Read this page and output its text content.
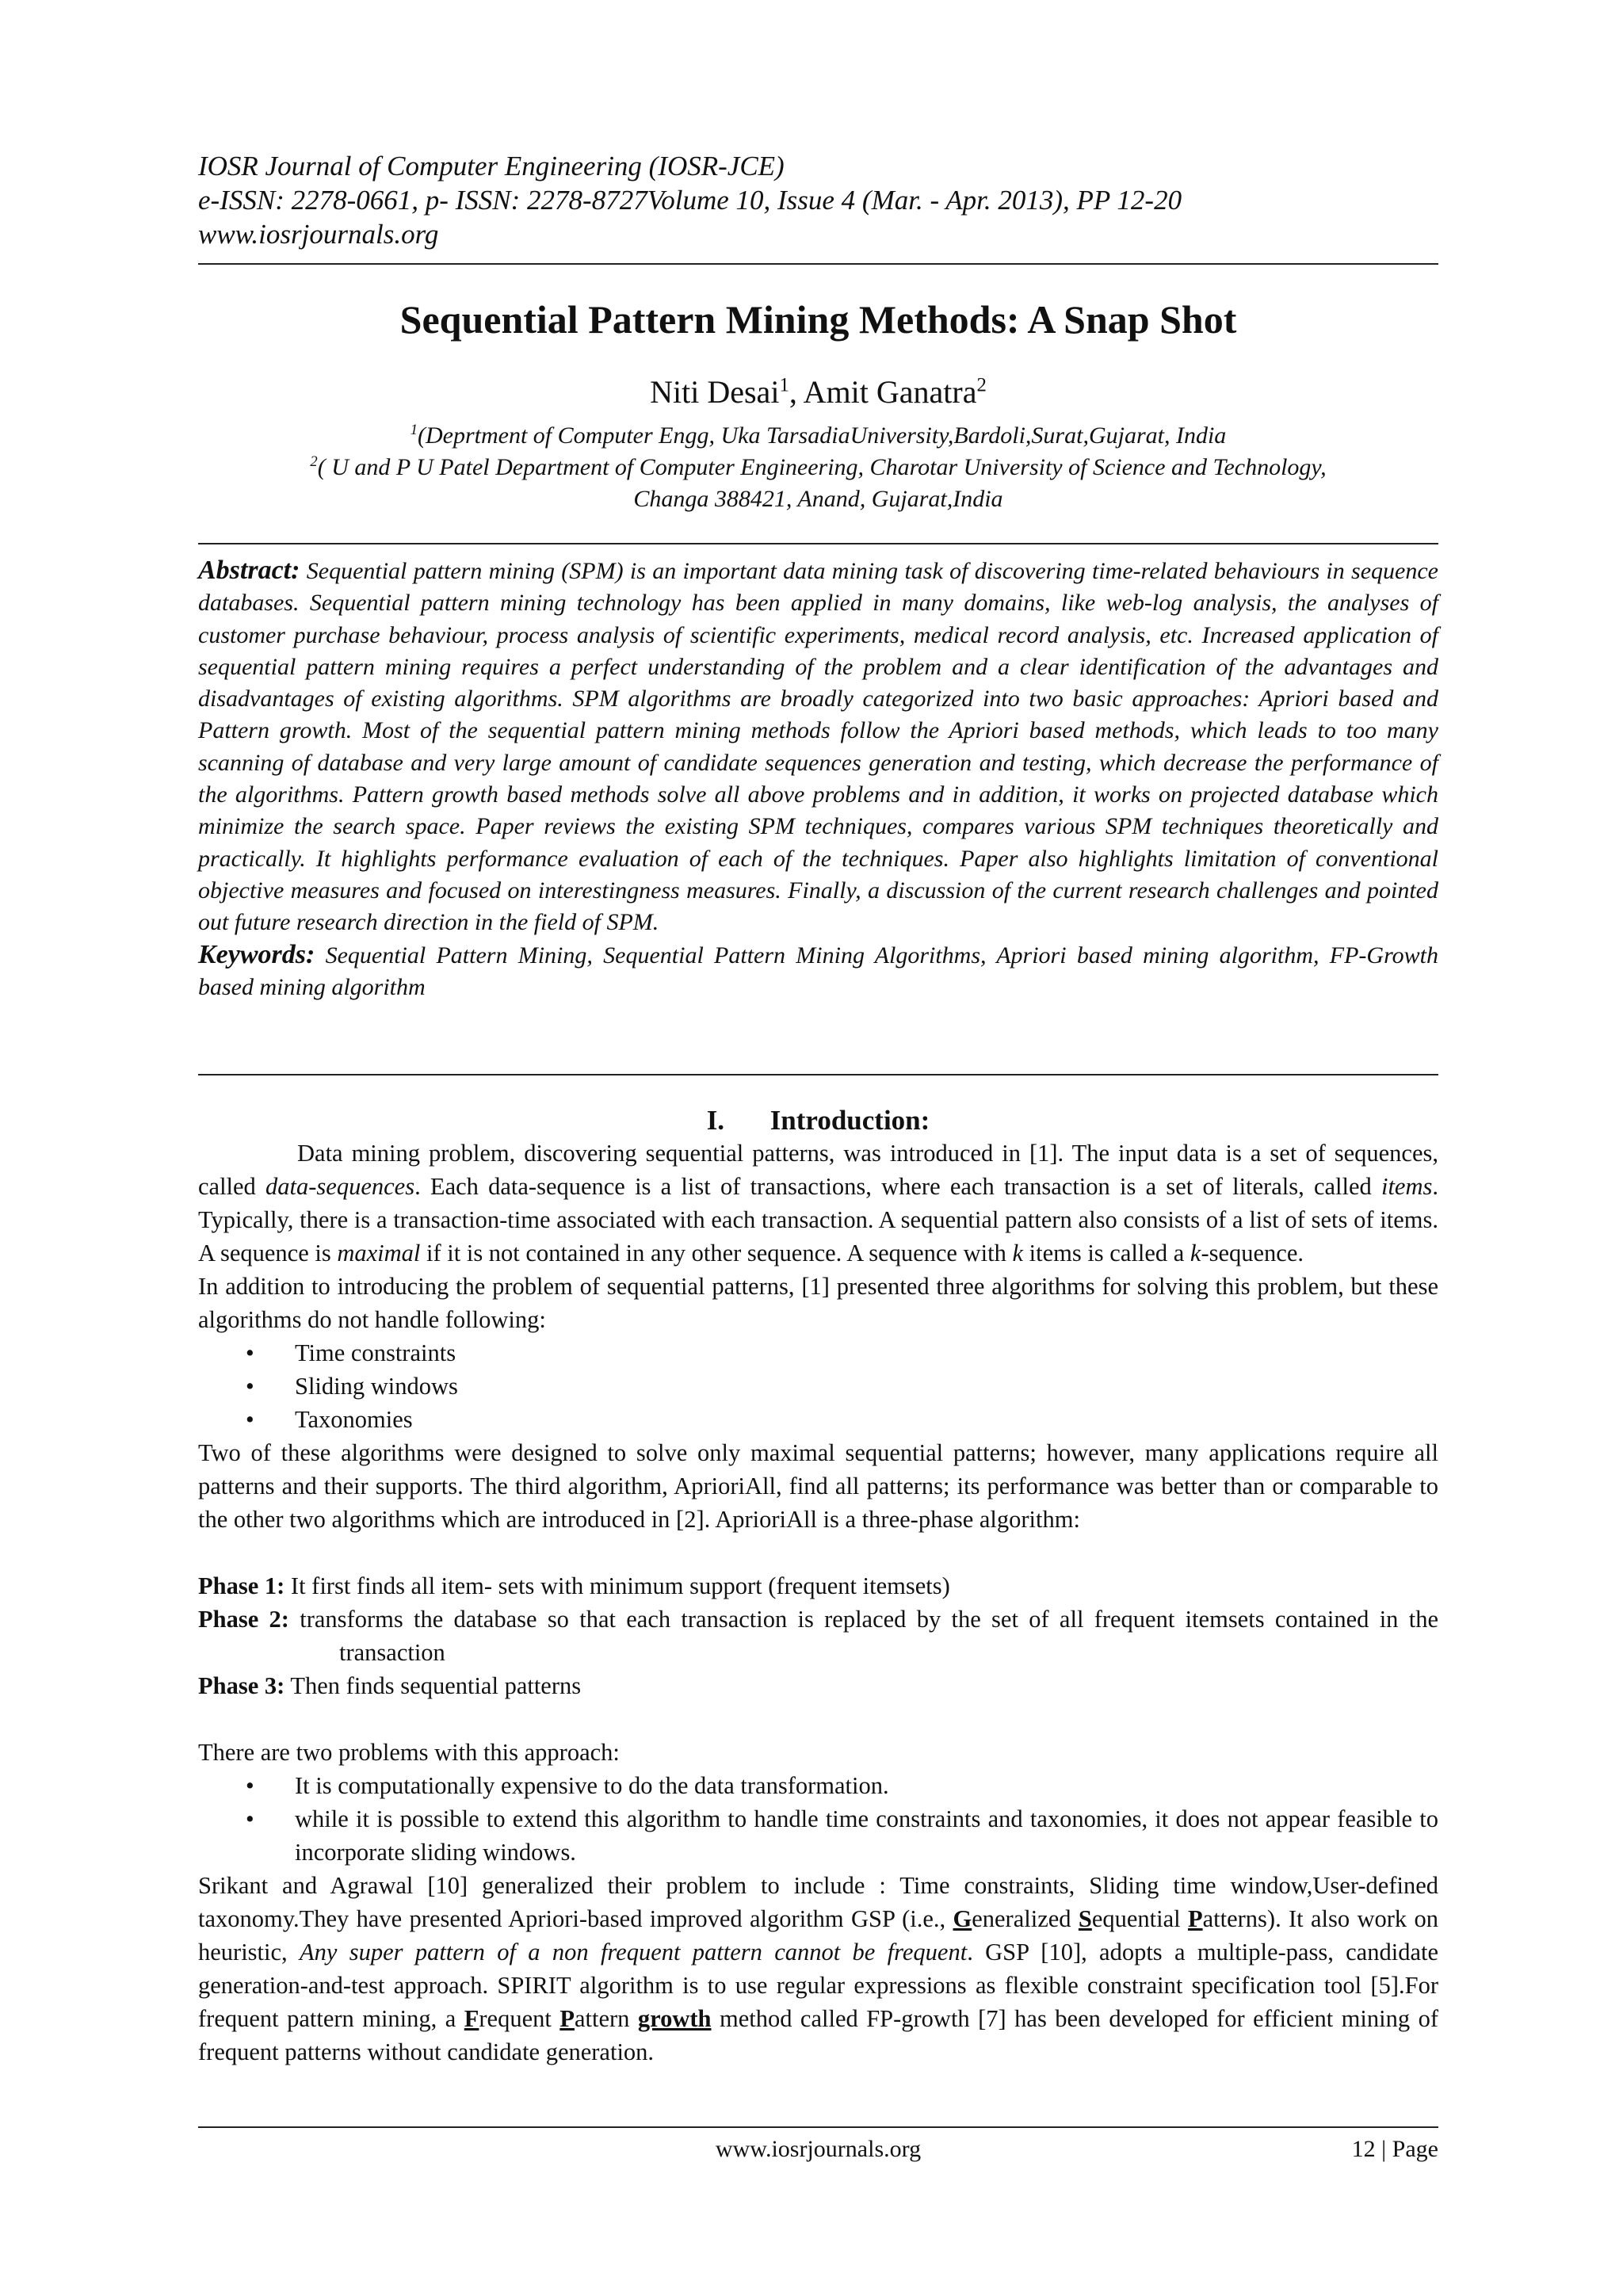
IOSR Journal of Computer Engineering (IOSR-JCE)
e-ISSN: 2278-0661, p- ISSN: 2278-8727Volume 10, Issue 4 (Mar. - Apr. 2013), PP 12-20
www.iosrjournals.org
Sequential Pattern Mining Methods: A Snap Shot
Niti Desai$^1$, Amit Ganatra$^2$
$^1$(Deprtment of Computer Engg, Uka TarsadiaUniversity,Bardoli,Surat,Gujarat, India
$^2$( U and P U Patel Department of Computer Engineering, Charotar University of Science and Technology,
Changa 388421, Anand, Gujarat,India
Abstract: Sequential pattern mining (SPM) is an important data mining task of discovering time-related behaviours in sequence databases. Sequential pattern mining technology has been applied in many domains, like web-log analysis, the analyses of customer purchase behaviour, process analysis of scientific experiments, medical record analysis, etc. Increased application of sequential pattern mining requires a perfect understanding of the problem and a clear identification of the advantages and disadvantages of existing algorithms. SPM algorithms are broadly categorized into two basic approaches: Apriori based and Pattern growth. Most of the sequential pattern mining methods follow the Apriori based methods, which leads to too many scanning of database and very large amount of candidate sequences generation and testing, which decrease the performance of the algorithms. Pattern growth based methods solve all above problems and in addition, it works on projected database which minimize the search space. Paper reviews the existing SPM techniques, compares various SPM techniques theoretically and practically. It highlights performance evaluation of each of the techniques. Paper also highlights limitation of conventional objective measures and focused on interestingness measures. Finally, a discussion of the current research challenges and pointed out future research direction in the field of SPM.
Keywords: Sequential Pattern Mining, Sequential Pattern Mining Algorithms, Apriori based mining algorithm, FP-Growth based mining algorithm
I. Introduction:

Data mining problem, discovering sequential patterns, was introduced in [1]. The input data is a set of sequences, called data-sequences. Each data-sequence is a list of transactions, where each transaction is a set of literals, called items. Typically, there is a transaction-time associated with each transaction. A sequential pattern also consists of a list of sets of items. A sequence is maximal if it is not contained in any other sequence. A sequence with k items is called a k-sequence.

In addition to introducing the problem of sequential patterns, [1] presented three algorithms for solving this problem, but these algorithms do not handle following:

• Time constraints
• Sliding windows
• Taxonomies

Two of these algorithms were designed to solve only maximal sequential patterns; however, many applications require all patterns and their supports. The third algorithm, AprioriAll, find all patterns; its performance was better than or comparable to the other two algorithms which are introduced in [2]. AprioriAll is a three-phase algorithm:

Phase 1: It first finds all item- sets with minimum support (frequent itemsets)

Phase 2: transforms the database so that each transaction is replaced by the set of all frequent itemsets contained in the transaction

Phase 3: Then finds sequential patterns

There are two problems with this approach:

• It is computationally expensive to do the data transformation.
• while it is possible to extend this algorithm to handle time constraints and taxonomies, it does not appear feasible to incorporate sliding windows.

Srikant and Agrawal [10] generalized their problem to include : Time constraints, Sliding time window,User-defined taxonomy.They have presented Apriori-based improved algorithm GSP (i.e., Generalized Sequential Patterns). It also work on heuristic, Any super pattern of a non frequent pattern cannot be frequent. GSP [10], adopts a multiple-pass, candidate generation-and-test approach. SPIRIT algorithm is to use regular expressions as flexible constraint specification tool [5].For frequent pattern mining, a Frequent Pattern growth method called FP-growth [7] has been developed for efficient mining of frequent patterns without candidate generation.

www.iosrjournals.org	12 | Page
